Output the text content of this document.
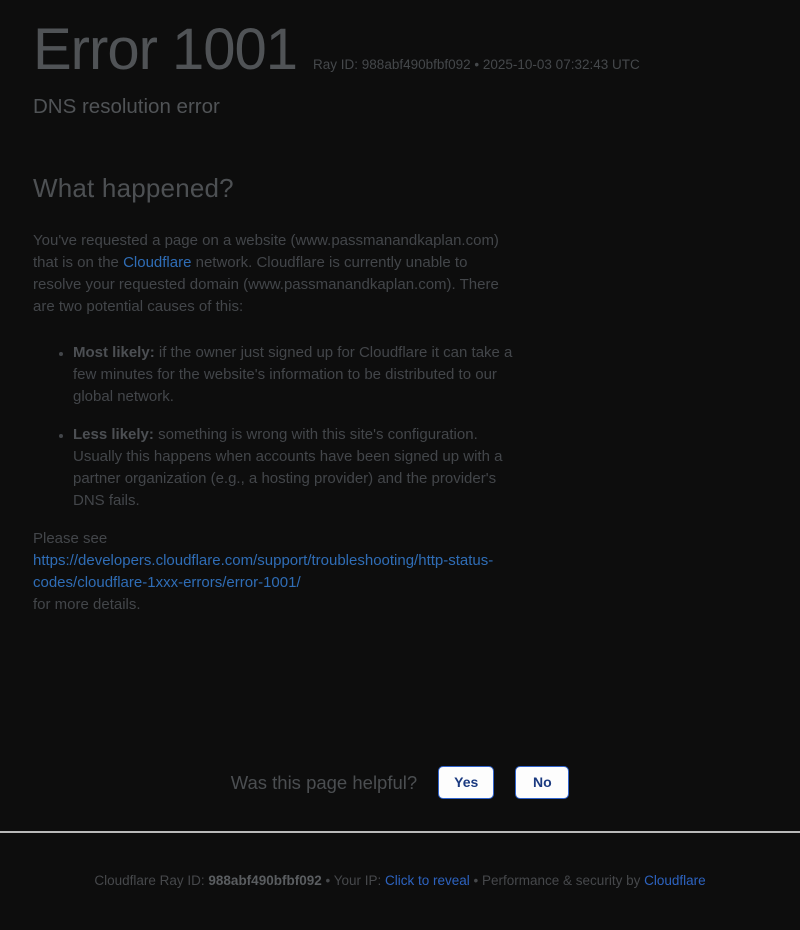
Error 1001 Ray ID: 988abf490bfbf092 • 2025-10-03 07:32:43 UTC
DNS resolution error
What happened?

You've requested a page on a website (www.passmanandkaplan.com) that is on the Cloudflare network. Cloudflare is currently unable to resolve your requested domain (www.passmanandkaplan.com). There are two potential causes of this:

• Most likely: if the owner just signed up for Cloudflare it can take a few minutes for the website's information to be distributed to our global network.
• Less likely: something is wrong with this site's configuration. Usually this happens when accounts have been signed up with a partner organization (e.g., a hosting provider) and the provider's DNS fails.

Please see
https://developers.cloudflare.com/support/troubleshooting/http-status-codes/cloudflare-1xxx-errors/error-1001/
for more details.

Was this page helpful?	Yes	No
Cloudflare Ray ID: 988abf490bfbf092 • Your IP: Click to reveal • Performance & security by Cloudflare
